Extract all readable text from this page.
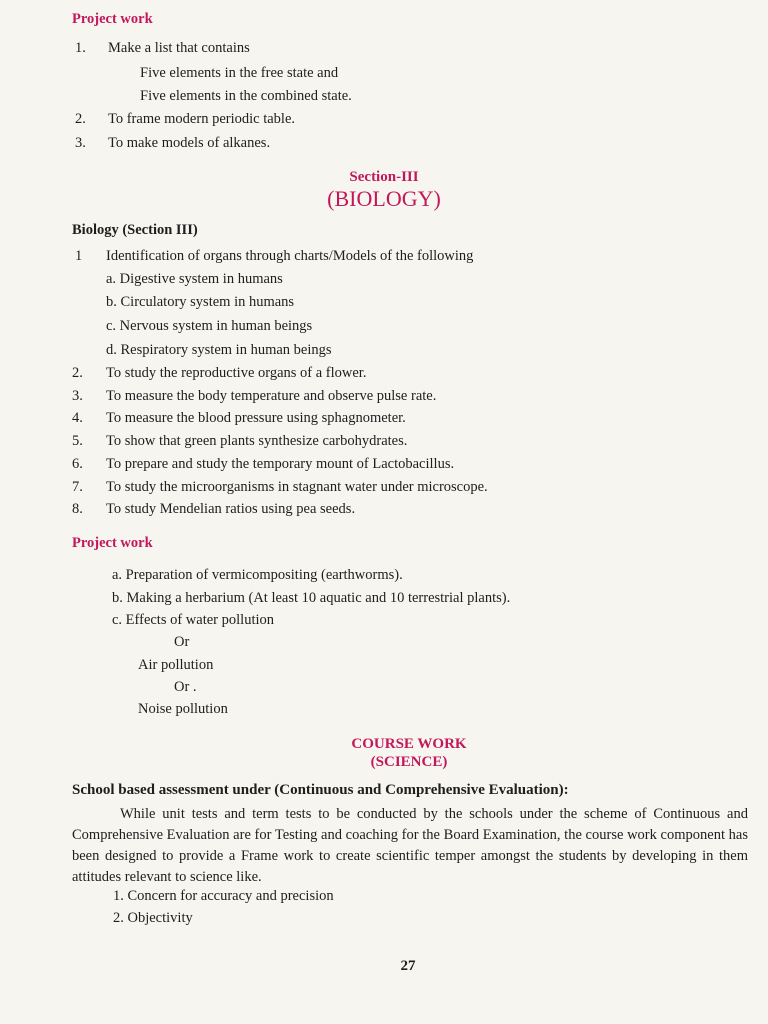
Project work
1. Make a list that contains
Five elements in the free state and
Five elements in the combined state.
2. To frame modern periodic table.
3. To make models of alkanes.
Section-III
(BIOLOGY)
Biology (Section III)
1 Identification of organs through charts/Models of the following
a. Digestive system in humans
b. Circulatory system in humans
c. Nervous system in human beings
d. Respiratory system in human beings
2. To study the reproductive organs of a flower.
3. To measure the body temperature and observe pulse rate.
4. To measure the blood pressure using sphagnometer.
5. To show that green plants synthesize carbohydrates.
6. To prepare and study the temporary mount of Lactobacillus.
7. To study the microorganisms in stagnant water under microscope.
8. To study Mendelian ratios using pea seeds.
Project work
a. Preparation of vermicompositing (earthworms).
b. Making a herbarium (At least 10 aquatic and 10 terrestrial plants).
c. Effects of water pollution
Or
Air pollution
Or .
Noise pollution
COURSE WORK
(SCIENCE)
School based assessment under (Continuous and Comprehensive Evaluation):
While unit tests and term tests to be conducted by the schools under the scheme of Continuous and Comprehensive Evaluation are for Testing and coaching for the Board Examination, the course work component has been designed to provide a Frame work to create scientific temper amongst the students by developing in them attitudes relevant to science like.
1. Concern for accuracy and precision
2. Objectivity
27
